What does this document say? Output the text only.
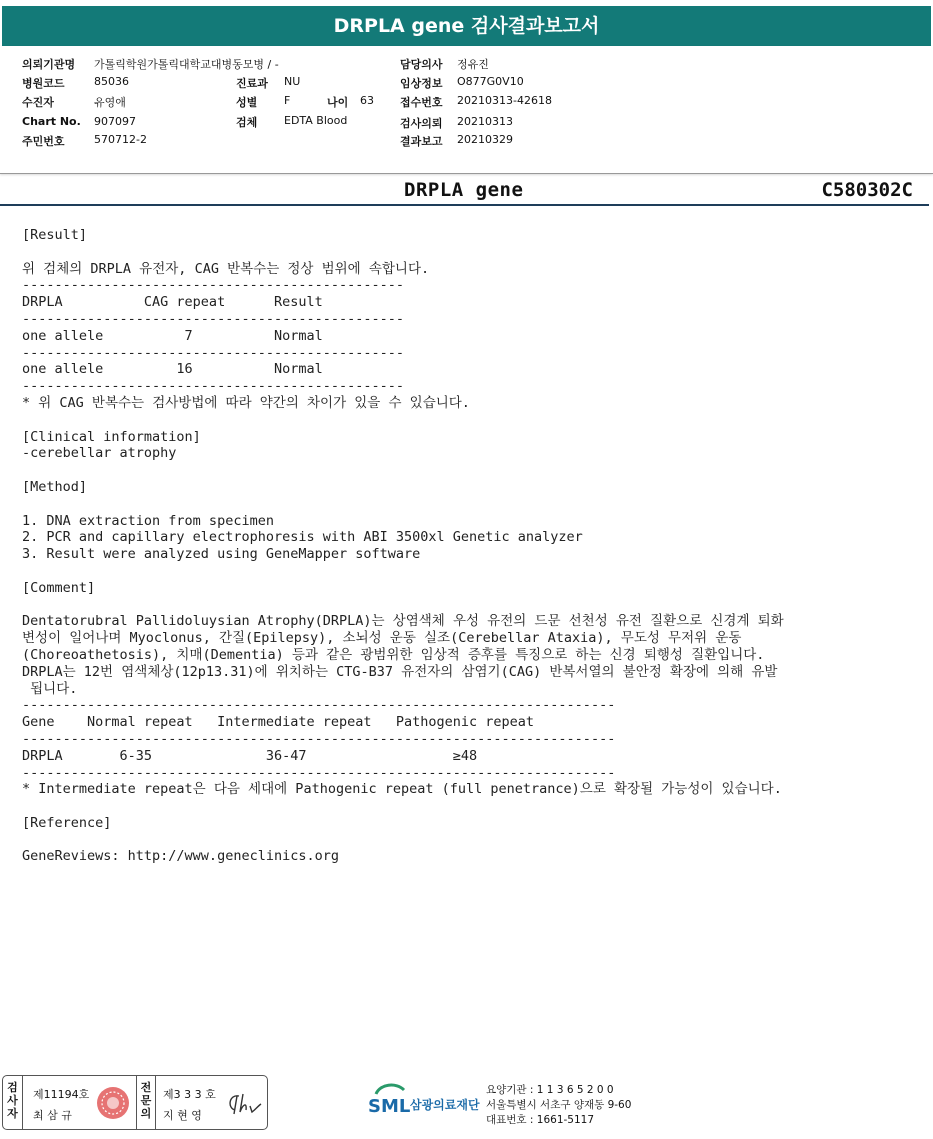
DRPLA gene 검사결과보고서
의뢰기관명 가톨릭학원가톨릭대학교대병동모병 / -
병원코드	85036
수진자	유영애
Chart No. 907097
주민번호	570712-2
진료과 NU
성별 F	나이 63
검체 EDTA Blood
담당의사 정유진
임상정보 O877G0V10
접수번호 20210313-42618
검사의뢰 20210313
결과보고 20210329
DRPLA gene	C580302C
[Result]
위 검체의 DRPLA 유전자, CAG 반복수는 정상 범위에 속합니다.
-----------------------------------------------
DRPLA          CAG repeat      Result
-----------------------------------------------
one allele          7          Normal
-----------------------------------------------
one allele         16          Normal
-----------------------------------------------
* 위 CAG 반복수는 검사방법에 따라 약간의 차이가 있을 수 있습니다.
[Clinical information]
-cerebellar atrophy
[Method]
1. DNA extraction from specimen
2. PCR and capillary electrophoresis with ABI 3500xl Genetic analyzer
3. Result were analyzed using GeneMapper software
[Comment]
Dentatorubral Pallidoluysian Atrophy(DRPLA)는 상염색체 우성 유전의 드문 선천성 유전 질환으로 신경계 퇴화
변성이 일어나며 Myoclonus, 간질(Epilepsy), 소뇌성 운동 실조(Cerebellar Ataxia), 무도성 무저위 운동
(Choreoathetosis), 치매(Dementia) 등과 같은 광범위한 임상적 증후를 특징으로 하는 신경 퇴행성 질환입니다.
DRPLA는 12번 염색체상(12p13.31)에 위치하는 CTG-B37 유전자의 삼염기(CAG) 반복서열의 불안정 확장에 의해 유발
됩니다.
-------------------------------------------------------------------------
Gene    Normal repeat   Intermediate repeat   Pathogenic repeat
-------------------------------------------------------------------------
DRPLA       6-35              36-47                  ≥48
-------------------------------------------------------------------------
* Intermediate repeat은 다음 세대에 Pathogenic repeat (full penetrance)으로 확장될 가능성이 있습니다.
[Reference]
GeneReviews: http://www.geneclinics.org
검사자
제11194호
최 삼 규
전문의
제3 3 3 호
지 현 영	SML 삼광의료재단
요양기관 : 1 1 3 6 5 2 0 0
서울특별시 서초구 양재동 9-60
대표번호 : 1661-5117
